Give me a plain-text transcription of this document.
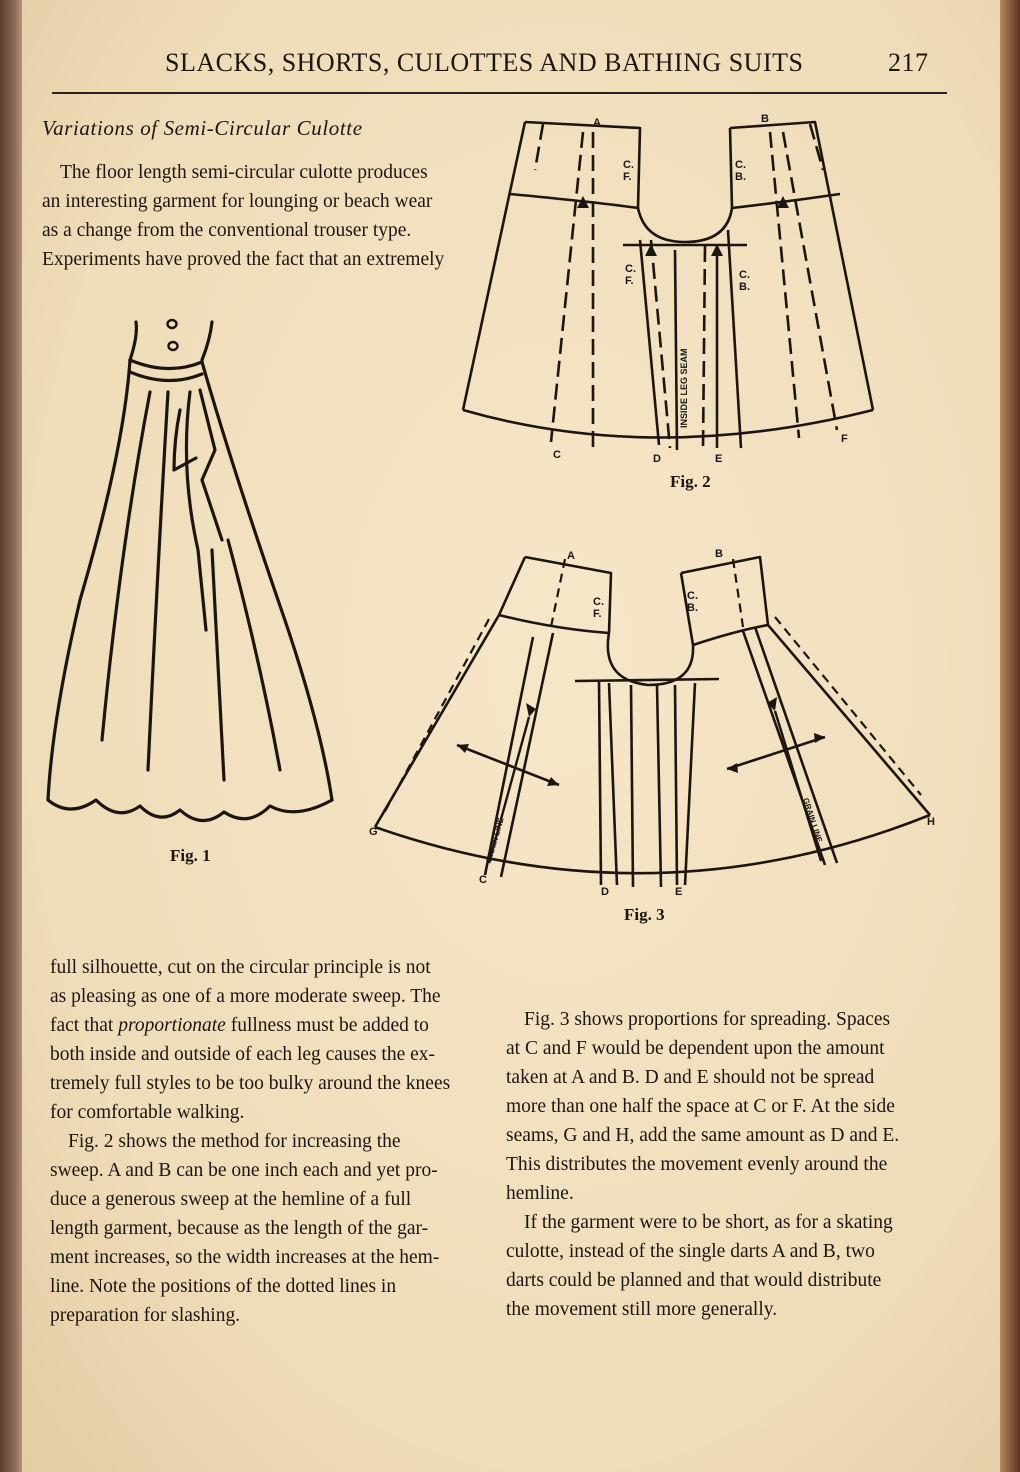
SLACKS, SHORTS, CULOTTES AND BATHING SUITS	217
Variations of Semi-Circular Culotte

The floor length semi-circular culotte produces
an interesting garment for lounging or beach wear
as a change from the conventional trouser type.
Experiments have proved the fact that an extremely

Fig. 1
A	B
C	D	E
F
C.
F.
C.
B.
C.
F.	C.
B.
INSIDE LEG SEAM
Fig. 2
A	B
C
D	E
G
H
C.
F.
C.
B.
GRAIN LINE	GRAIN LINE
Fig. 3
full silhouette, cut on the circular principle is not
as pleasing as one of a more moderate sweep. The
fact that proportionate fullness must be added to
both inside and outside of each leg causes the ex-
tremely full styles to be too bulky around the knees
for comfortable walking.
Fig. 2 shows the method for increasing the
sweep. A and B can be one inch each and yet pro-
duce a generous sweep at the hemline of a full
length garment, because as the length of the gar-
ment increases, so the width increases at the hem-
line. Note the positions of the dotted lines in
preparation for slashing.
Fig. 3 shows proportions for spreading. Spaces
at C and F would be dependent upon the amount
taken at A and B. D and E should not be spread
more than one half the space at C or F. At the side
seams, G and H, add the same amount as D and E.
This distributes the movement evenly around the
hemline.
If the garment were to be short, as for a skating
culotte, instead of the single darts A and B, two
darts could be planned and that would distribute
the movement still more generally.
